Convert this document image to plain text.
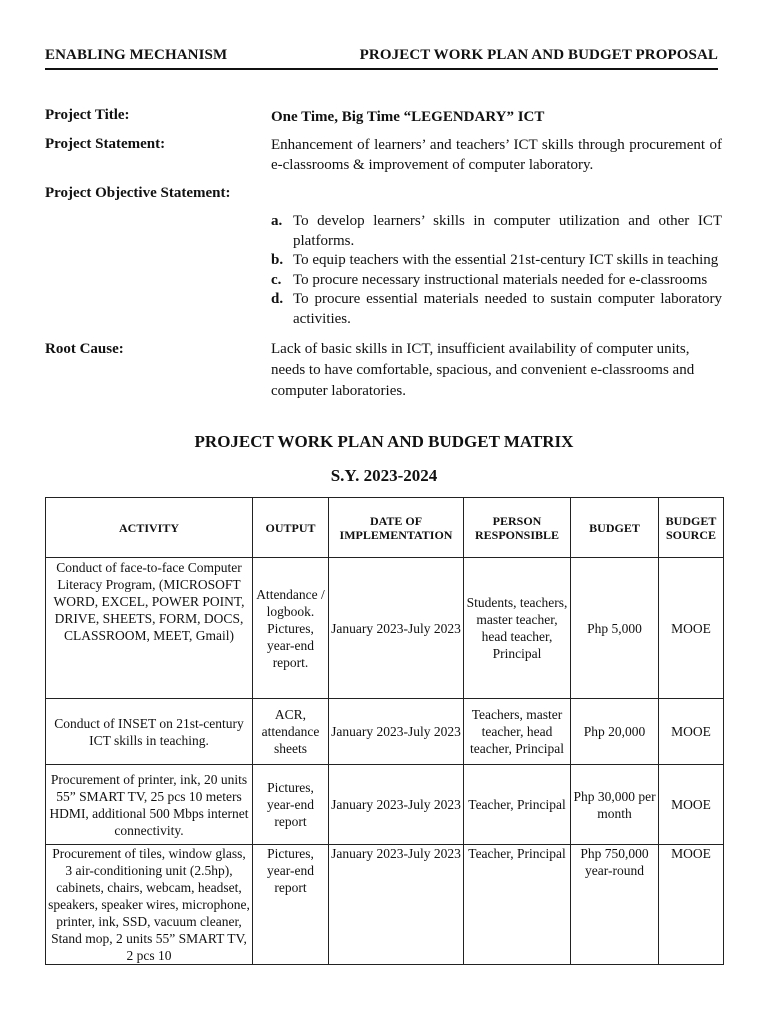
ENABLING MECHANISM	PROJECT WORK PLAN AND BUDGET PROPOSAL
Project Title:	One Time, Big Time “LEGENDARY” ICT
Project Statement:	Enhancement of learners’ and teachers’ ICT skills through procurement of e-classrooms & improvement of computer laboratory.
Project Objective Statement:
a. To develop learners’ skills in computer utilization and other ICT platforms.
b. To equip teachers with the essential 21st-century ICT skills in teaching
c. To procure necessary instructional materials needed for e-classrooms
d. To procure essential materials needed to sustain computer laboratory activities.
Root Cause:	Lack of basic skills in ICT, insufficient availability of computer units, needs to have comfortable, spacious, and convenient e-classrooms and computer laboratories.
PROJECT WORK PLAN AND BUDGET MATRIX
S.Y. 2023-2024
ACTIVITY	OUTPUT	DATE OF IMPLEMENTATION	PERSON RESPONSIBLE	BUDGET	BUDGET SOURCE
Conduct of face-to-face Computer Literacy Program, (MICROSOFT WORD, EXCEL, POWER POINT, DRIVE, SHEETS, FORM, DOCS, CLASSROOM, MEET, Gmail)	Attendance / logbook. Pictures, year-end report.	January 2023-July 2023	Students, teachers, master teacher, head teacher, Principal	Php 5,000	MOOE
Conduct of INSET on 21st-century ICT skills in teaching.	ACR, attendance sheets	January 2023-July 2023	Teachers, master teacher, head teacher, Principal	Php 20,000	MOOE
Procurement of printer, ink, 20 units 55” SMART TV, 25 pcs 10 meters HDMI, additional 500 Mbps internet connectivity.	Pictures, year-end report	January 2023-July 2023	Teacher, Principal	Php 30,000 per month	MOOE
Procurement of tiles, window glass, 3 air-conditioning unit (2.5hp), cabinets, chairs, webcam, headset, speakers, speaker wires, microphone, printer, ink, SSD, vacuum cleaner, Stand mop, 2 units 55” SMART TV, 2 pcs 10	Pictures, year-end report	January 2023-July 2023	Teacher, Principal	Php 750,000 year-round	MOOE
